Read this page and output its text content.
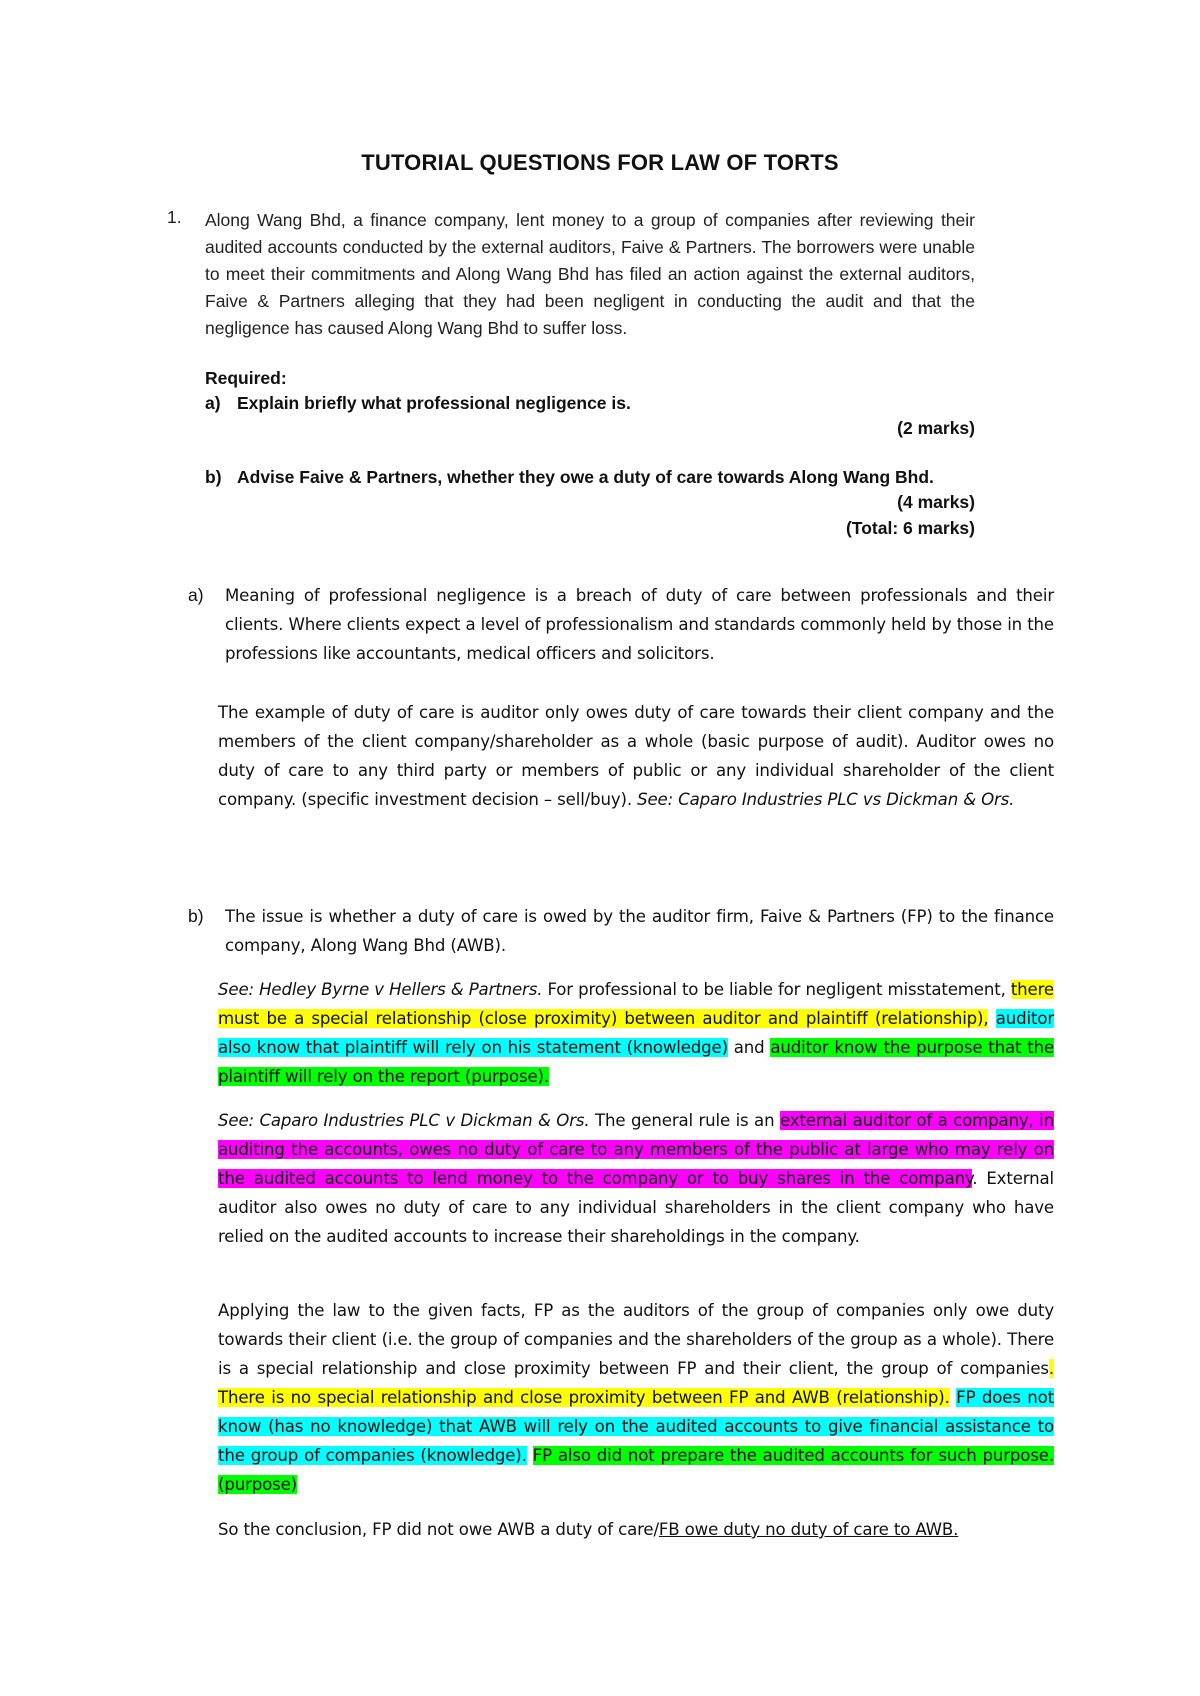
TUTORIAL QUESTIONS FOR LAW OF TORTS
1. Along Wang Bhd, a finance company, lent money to a group of companies after reviewing their audited accounts conducted by the external auditors, Faive & Partners. The borrowers were unable to meet their commitments and Along Wang Bhd has filed an action against the external auditors, Faive & Partners alleging that they had been negligent in conducting the audit and that the negligence has caused Along Wang Bhd to suffer loss.
Required:
a) Explain briefly what professional negligence is.
(2 marks)
b) Advise Faive & Partners, whether they owe a duty of care towards Along Wang Bhd.
(4 marks)
(Total: 6 marks)
a) Meaning of professional negligence is a breach of duty of care between professionals and their clients. Where clients expect a level of professionalism and standards commonly held by those in the professions like accountants, medical officers and solicitors.
The example of duty of care is auditor only owes duty of care towards their client company and the members of the client company/shareholder as a whole (basic purpose of audit). Auditor owes no duty of care to any third party or members of public or any individual shareholder of the client company. (specific investment decision – sell/buy). See: Caparo Industries PLC vs Dickman & Ors.
b) The issue is whether a duty of care is owed by the auditor firm, Faive & Partners (FP) to the finance company, Along Wang Bhd (AWB).
See: Hedley Byrne v Hellers & Partners. For professional to be liable for negligent misstatement, there must be a special relationship (close proximity) between auditor and plaintiff (relationship), auditor also know that plaintiff will rely on his statement (knowledge) and auditor know the purpose that the plaintiff will rely on the report (purpose).
See: Caparo Industries PLC v Dickman & Ors. The general rule is an external auditor of a company, in auditing the accounts, owes no duty of care to any members of the public at large who may rely on the audited accounts to lend money to the company or to buy shares in the company. External auditor also owes no duty of care to any individual shareholders in the client company who have relied on the audited accounts to increase their shareholdings in the company.
Applying the law to the given facts, FP as the auditors of the group of companies only owe duty towards their client (i.e. the group of companies and the shareholders of the group as a whole). There is a special relationship and close proximity between FP and their client, the group of companies. There is no special relationship and close proximity between FP and AWB (relationship). FP does not know (has no knowledge) that AWB will rely on the audited accounts to give financial assistance to the group of companies (knowledge). FP also did not prepare the audited accounts for such purpose. (purpose)
So the conclusion, FP did not owe AWB a duty of care/FB owe duty no duty of care to AWB.
